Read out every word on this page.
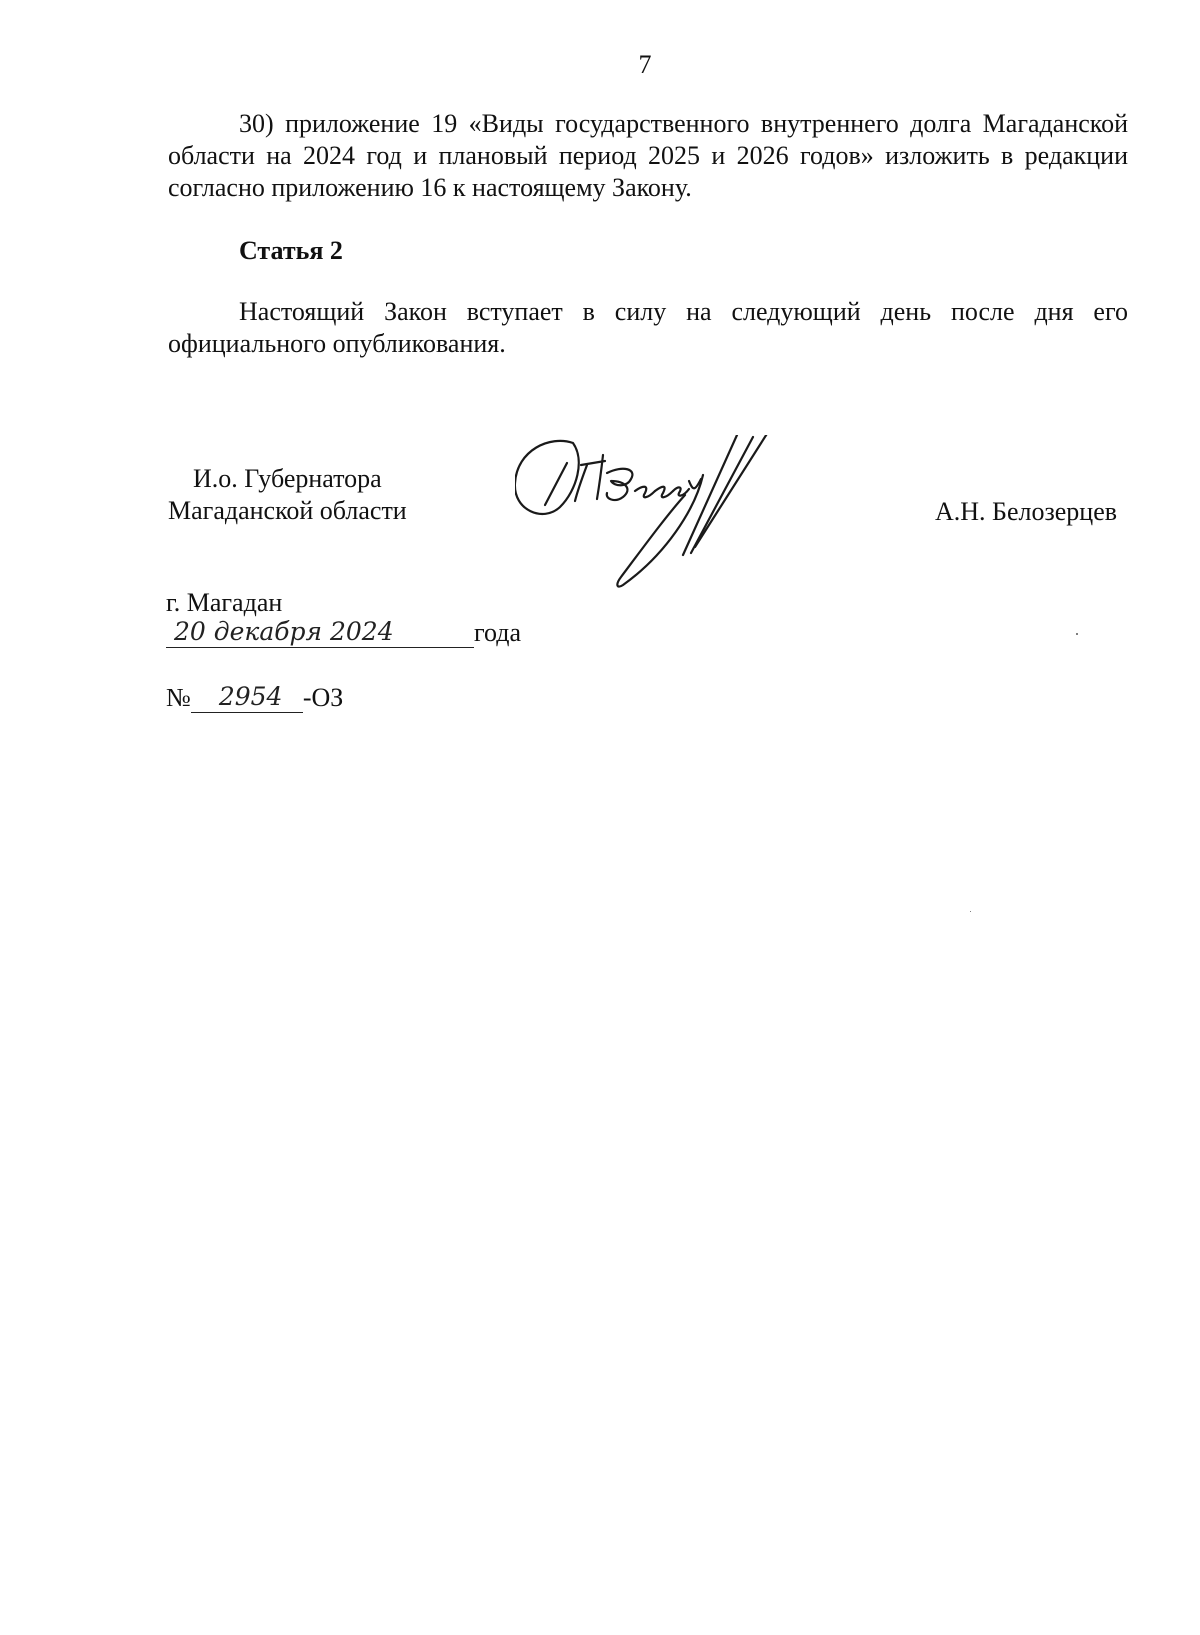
7

30) приложение 19 «Виды государственного внутреннего долга Магаданской области на 2024 год и плановый период 2025 и 2026 годов» изложить в редакции согласно приложению 16 к настоящему Закону.

Статья 2

Настоящий Закон вступает в силу на следующий день после дня его официального опубликования.

И.о. Губернатора
Магаданской области	А.Н. Белозерцев
г. Магадан
20 декабря 2024	года
№	2954 -ОЗ
